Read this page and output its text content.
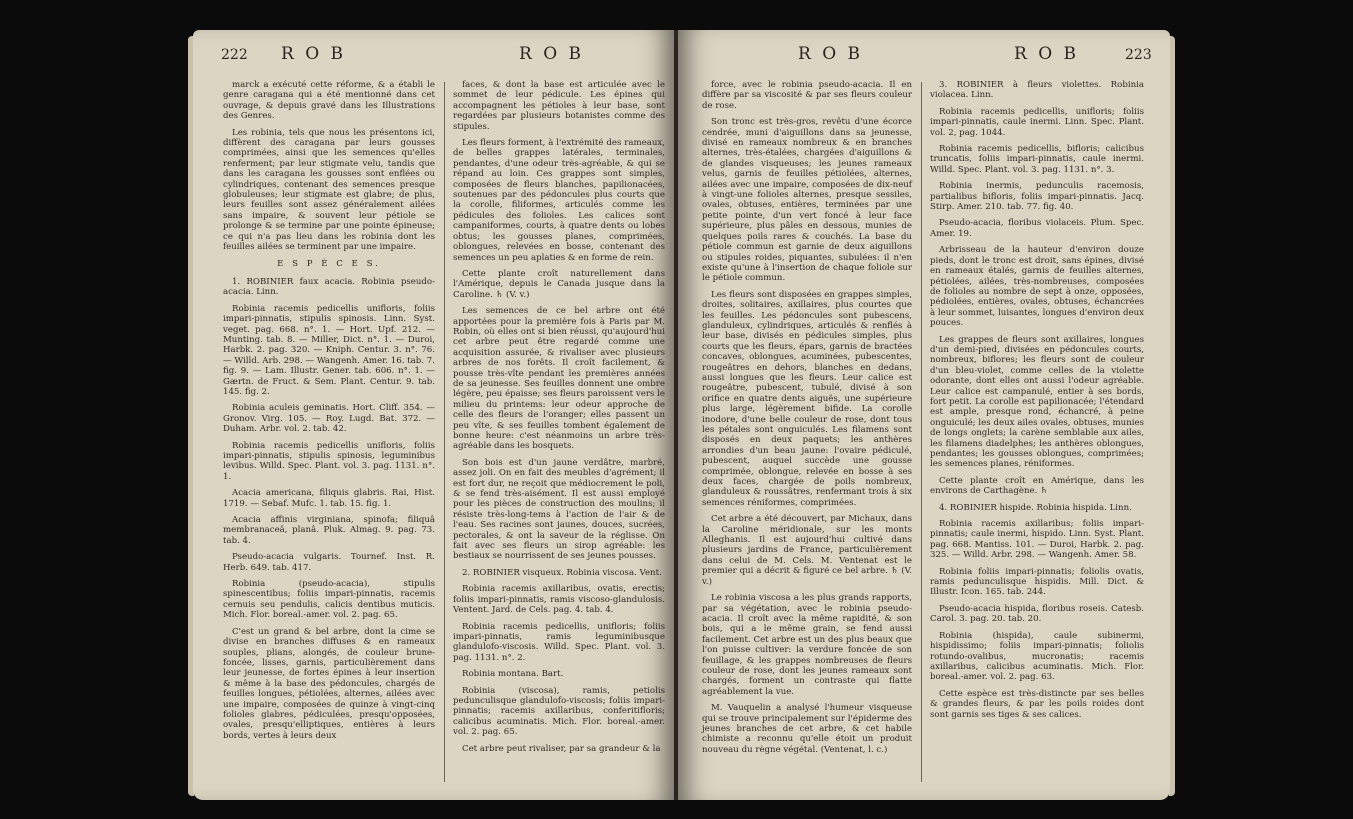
222 R O B	R O B

marck a exécuté cette réforme, & a établi le genre caragana qui a été mentionné dans cet ouvrage, & depuis gravé dans les Illustrations des Genres.

Les robinia, tels que nous les présentons ici, diffèrent des caragana par leurs gousses comprimées, ainsi que les semences qu'elles renferment; par leur stigmate velu, tandis que dans les caragana les gousses sont enflées ou cylindriques, contenant des semences presque globuleuses; leur stigmate est glabre; de plus, leurs feuilles sont assez généralement ailées sans impaire, & souvent leur pétiole se prolonge & se termine par une pointe épineuse; ce qui n'a pas lieu dans les robinia dont les feuilles ailées se terminent par une impaire.

E S P È C E S.

1. ROBINIER faux acacia. Robinia pseudo-acacia. Linn.

Robinia racemis pedicellis unifloris, foliis impari-pinnatis, stipulis spinosis. Linn. Syst. veget. pag. 668. n°. 1. — Hort. Upf. 212. — Munting. tab. 8. — Miller, Dict. n°. 1. — Duroi, Harbk. 2. pag. 320. — Kniph. Centur. 3. n°. 76. — Willd. Arb. 298. — Wangenh. Amer. 16. tab. 7. fig. 9. — Lam. Illustr. Gener. tab. 606. n°. 1. — Gærtn. de Fruct. & Sem. Plant. Centur. 9. tab. 145. fig. 2.

Robinia aculeis geminatis. Hort. Cliff. 354. — Gronov. Virg. 105. — Roy. Lugd. Bat. 372. — Duham. Arbr. vol. 2. tab. 42.

Robinia racemis pedicellis unifloris, foliis impari-pinnatis, stipulis spinosis, leguminibus levibus. Willd. Spec. Plant. vol. 3. pag. 1131. n°. 1.

Acacia americana, filiquis glabris. Rai, Hist. 1719. — Sebaf. Mufc. 1. tab. 15. fig. 1.

Acacia affinis virginiana, spinofa; filiquâ membranaceâ, planâ. Pluk. Almag. 9. pag. 73. tab. 4.

Pseudo-acacia vulgaris. Tournef. Inst. R. Herb. 649. tab. 417.

Robinia (pseudo-acacia), stipulis spinescentibus; foliis impari-pinnatis, racemis cernuis seu pendulis, calicis dentibus muticis. Mich. Flor. boreal.-amer. vol. 2. pag. 65.

C'est un grand & bel arbre, dont la cime se divise en branches diffuses & en rameaux souples, plians, alongés, de couleur brune-foncée, lisses, garnis, particulièrement dans leur jeunesse, de fortes épines à leur insertion & même à la base des pédoncules, chargés de feuilles longues, pétiolées, alternes, ailées avec une impaire, composées de quinze à vingt-cinq folioles glabres, pédiculées, presqu'opposées, ovales, presqu'elliptiques, entières à leurs bords, vertes à leurs deux

faces, & dont la base est articulée avec le sommet de leur pédicule. Les épines qui accompagnent les pétioles à leur base, sont regardées par plusieurs botanistes comme des stipules.

Les fleurs forment, à l'extrémité des rameaux, de belles grappes latérales, terminales, pendantes, d'une odeur très-agréable, & qui se répand au loin. Ces grappes sont simples, composées de fleurs blanches, papilionacées, soutenues par des pédoncules plus courts que la corolle, filiformes, articulés comme les pédicules des folioles. Les calices sont campaniformes, courts, à quatre dents ou lobes obtus; les gousses planes, comprimées, oblongues, relevées en bosse, contenant des semences un peu aplaties & en forme de rein.

Cette plante croît naturellement dans l'Amérique, depuis le Canada jusque dans la Caroline. ♄ (V. v.)

Les semences de ce bel arbre ont été apportées pour la première fois à Paris par M. Robin, où elles ont si bien réussi, qu'aujourd'hui cet arbre peut être regardé comme une acquisition assurée, & rivaliser avec plusieurs arbres de nos forêts. Il croît facilement, & pousse très-vîte pendant les premières années de sa jeunesse. Ses feuilles donnent une ombre légère, peu épaisse; ses fleurs paroissent vers le milieu du printems: leur odeur approche de celle des fleurs de l'oranger; elles passent un peu vîte, & ses feuilles tombent également de bonne heure: c'est néanmoins un arbre très-agréable dans les bosquets.

Son bois est d'un jaune verdâtre, marbré, assez joli. On en fait des meubles d'agrément; il est fort dur, ne reçoit que médiocrement le poli, & se fend très-aisément. Il est aussi employé pour les pièces de construction des moulins; il résiste très-long-tems à l'action de l'air & de l'eau. Ses racines sont jaunes, douces, sucrées, pectorales, & ont la saveur de la réglisse. On fait avec ses fleurs un sirop agréable: les bestiaux se nourrissent de ses jeunes pousses.

2. ROBINIER visqueux. Robinia viscosa. Vent.

Robinia racemis axillaribus, ovatis, erectis; foliis impari-pinnatis, ramis viscoso-glandulosis. Ventent. Jard. de Cels. pag. 4. tab. 4.

Robinia racemis pedicellis, unifloris; foliis impari-pinnatis, ramis leguminibusque glandulofo-viscosis. Willd. Spec. Plant. vol. 3. pag. 1131. n°. 2.

Robinia montana. Bart.

Robinia (viscosa), ramis, petiolis pedunculisque glandulofo-viscosis; foliis impari-pinnatis; racemis axillaribus, conferitifloris; calicibus acuminatis. Mich. Flor. boreal.-amer. vol. 2. pag. 65.

Cet arbre peut rivaliser, par sa grandeur & la

R O B	R O B	223

force, avec le robinia pseudo-acacia. Il en diffère par sa viscosité & par ses fleurs couleur de rose.

Son tronc est très-gros, revêtu d'une écorce cendrée, muni d'aiguillons dans sa jeunesse, divisé en rameaux nombreux & en branches alternes, très-étalées, chargées d'aiguillons & de glandes visqueuses; les jeunes rameaux velus, garnis de feuilles pétiolées, alternes, ailées avec une impaire, composées de dix-neuf à vingt-une folioles alternes, presque sessiles, ovales, obtuses, entières, terminées par une petite pointe, d'un vert foncé à leur face supérieure, plus pâles en dessous, munies de quelques poils rares & couchés. La base du pétiole commun est garnie de deux aiguillons ou stipules roides, piquantes, subulées: il n'en existe qu'une à l'insertion de chaque foliole sur le pétiole commun.

Les fleurs sont disposées en grappes simples, droites, solitaires, axillaires, plus courtes que les feuilles. Les pédoncules sont pubescens, glanduleux, cylindriques, articulés & renflés à leur base, divisés en pédicules simples, plus courts que les fleurs, épars, garnis de bractées concaves, oblongues, acuminées, pubescentes, rougeâtres en dehors, blanches en dedans, aussi longues que les fleurs. Leur calice est rougeâtre, pubescent, tubulé, divisé à son orifice en quatre dents aiguës, une supérieure plus large, légèrement bifide. La corolle inodore, d'une belle couleur de rose, dont tous les pétales sont onguiculés. Les filamens sont disposés en deux paquets; les anthères arrondies d'un beau jaune: l'ovaire pédiculé, pubescent, auquel succède une gousse comprimée, oblongue, relevée en bosse à ses deux faces, chargée de poils nombreux, glanduleux & roussâtres, renfermant trois à six semences réniformes, comprimées.

Cet arbre a été découvert, par Michaux, dans la Caroline méridionale, sur les monts Alleghanis. Il est aujourd'hui cultivé dans plusieurs jardins de France, particulièrement dans celui de M. Cels. M. Ventenat est le premier qui a décrit & figuré ce bel arbre. ♄ (V. v.)

Le robinia viscosa a les plus grands rapports, par sa végétation, avec le robinia pseudo-acacia. Il croît avec la même rapidité, & son bois, qui a le même grain, se fend aussi facilement. Cet arbre est un des plus beaux que l'on puisse cultiver: la verdure foncée de son feuillage, & les grappes nombreuses de fleurs couleur de rose, dont les jeunes rameaux sont chargés, forment un contraste qui flatte agréablement la vue.

M. Vauquelin a analysé l'humeur visqueuse qui se trouve principalement sur l'épiderme des jeunes branches de cet arbre, & cet habile chimiste a reconnu qu'elle étoit un produit nouveau du règne végétal. (Ventenat, l. c.)

3. ROBINIER à fleurs violettes. Robinia violacea. Linn.

Robinia racemis pedicellis, unifloris; foliis impari-pinnatis, caule inermi. Linn. Spec. Plant. vol. 2, pag. 1044.

Robinia racemis pedicellis, bifloris; calicibus truncatis, foliis impari-pinnatis, caule inermi. Willd. Spec. Plant. vol. 3. pag. 1131. n°. 3.

Robinia inermis, pedunculis racemosis, partialibus bifloris, foliis impari-pinnatis. Jacq. Stirp. Amer. 210. tab. 77. fig. 40.

Pseudo-acacia, floribus violaceis. Plum. Spec. Amer. 19.

Arbrisseau de la hauteur d'environ douze pieds, dont le tronc est droit, sans épines, divisé en rameaux étalés, garnis de feuilles alternes, pétiolées, ailées, très-nombreuses, composées de folioles au nombre de sept à onze, opposées, pédiolées, entières, ovales, obtuses, échancrées à leur sommet, luisantes, longues d'environ deux pouces.

Les grappes de fleurs sont axillaires, longues d'un demi-pied, divisées en pédoncules courts, nombreux, biflores; les fleurs sont de couleur d'un bleu-violet, comme celles de la violette odorante, dont elles ont aussi l'odeur agréable. Leur calice est campanulé, entier à ses bords, fort petit. La corolle est papilionacée; l'étendard est ample, presque rond, échancré, à peine onguiculé; les deux ailes ovales, obtuses, munies de longs onglets; la carène semblable aux ailes, les filamens diadelphes; les anthères oblongues, pendantes; les gousses oblongues, comprimées; les semences planes, réniformes.

Cette plante croît en Amérique, dans les environs de Carthagène. ♄

4. ROBINIER hispide. Robinia hispida. Linn.

Robinia racemis axillaribus; foliis impari-pinnatis; caule inermi, hispido. Linn. Syst. Plant. pag. 668. Mantiss. 101. — Duroi, Harbk. 2. pag. 325. — Willd. Arbr. 298. — Wangenh. Amer. 58.

Robinia foliis impari-pinnatis; foliolis ovatis, ramis pedunculisque hispidis. Mill. Dict. & Illustr. Icon. 165. tab. 244.

Pseudo-acacia hispida, floribus roseis. Catesb. Carol. 3. pag. 20. tab. 20.

Robinia (hispida), caule subinermi, hispidissimo; foliis impari-pinnatis; foliolis rotundo-ovalibus, mucronatis; racemis axillaribus, calicibus acuminatis. Mich. Flor. boreal.-amer. vol. 2. pag. 63.

Cette espèce est très-distincte par ses belles & grandes fleurs, & par les poils roides dont sont garnis ses tiges & ses calices.
